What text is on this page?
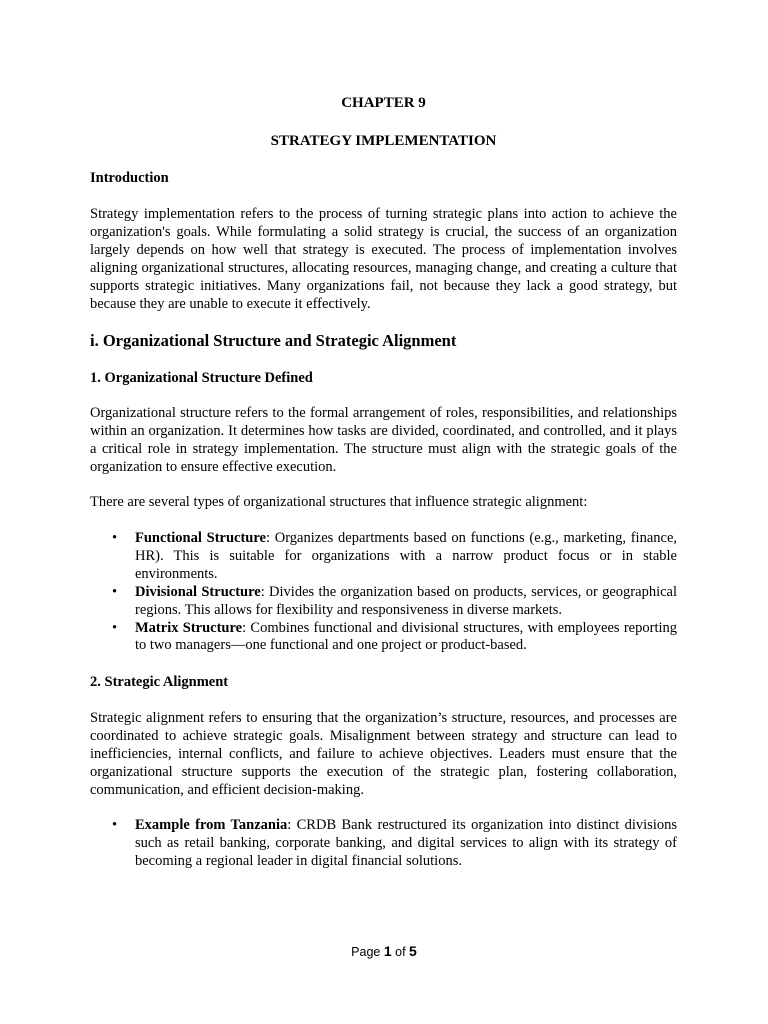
CHAPTER 9
STRATEGY IMPLEMENTATION
Introduction

Strategy implementation refers to the process of turning strategic plans into action to achieve the organization's goals. While formulating a solid strategy is crucial, the success of an organization largely depends on how well that strategy is executed. The process of implementation involves aligning organizational structures, allocating resources, managing change, and creating a culture that supports strategic initiatives. Many organizations fail, not because they lack a good strategy, but because they are unable to execute it effectively.

i. Organizational Structure and Strategic Alignment
1. Organizational Structure Defined

Organizational structure refers to the formal arrangement of roles, responsibilities, and relationships within an organization. It determines how tasks are divided, coordinated, and controlled, and it plays a critical role in strategy implementation. The structure must align with the strategic goals of the organization to ensure effective execution.

There are several types of organizational structures that influence strategic alignment:

• Functional Structure: Organizes departments based on functions (e.g., marketing, finance, HR). This is suitable for organizations with a narrow product focus or in stable environments.
• Divisional Structure: Divides the organization based on products, services, or geographical regions. This allows for flexibility and responsiveness in diverse markets.
• Matrix Structure: Combines functional and divisional structures, with employees reporting to two managers—one functional and one project or product-based.
2. Strategic Alignment

Strategic alignment refers to ensuring that the organization’s structure, resources, and processes are coordinated to achieve strategic goals. Misalignment between strategy and structure can lead to inefficiencies, internal conflicts, and failure to achieve objectives. Leaders must ensure that the organizational structure supports the execution of the strategic plan, fostering collaboration, communication, and efficient decision-making.

• Example from Tanzania: CRDB Bank restructured its organization into distinct divisions such as retail banking, corporate banking, and digital services to align with its strategy of becoming a regional leader in digital financial solutions.
Page 1 of 5
